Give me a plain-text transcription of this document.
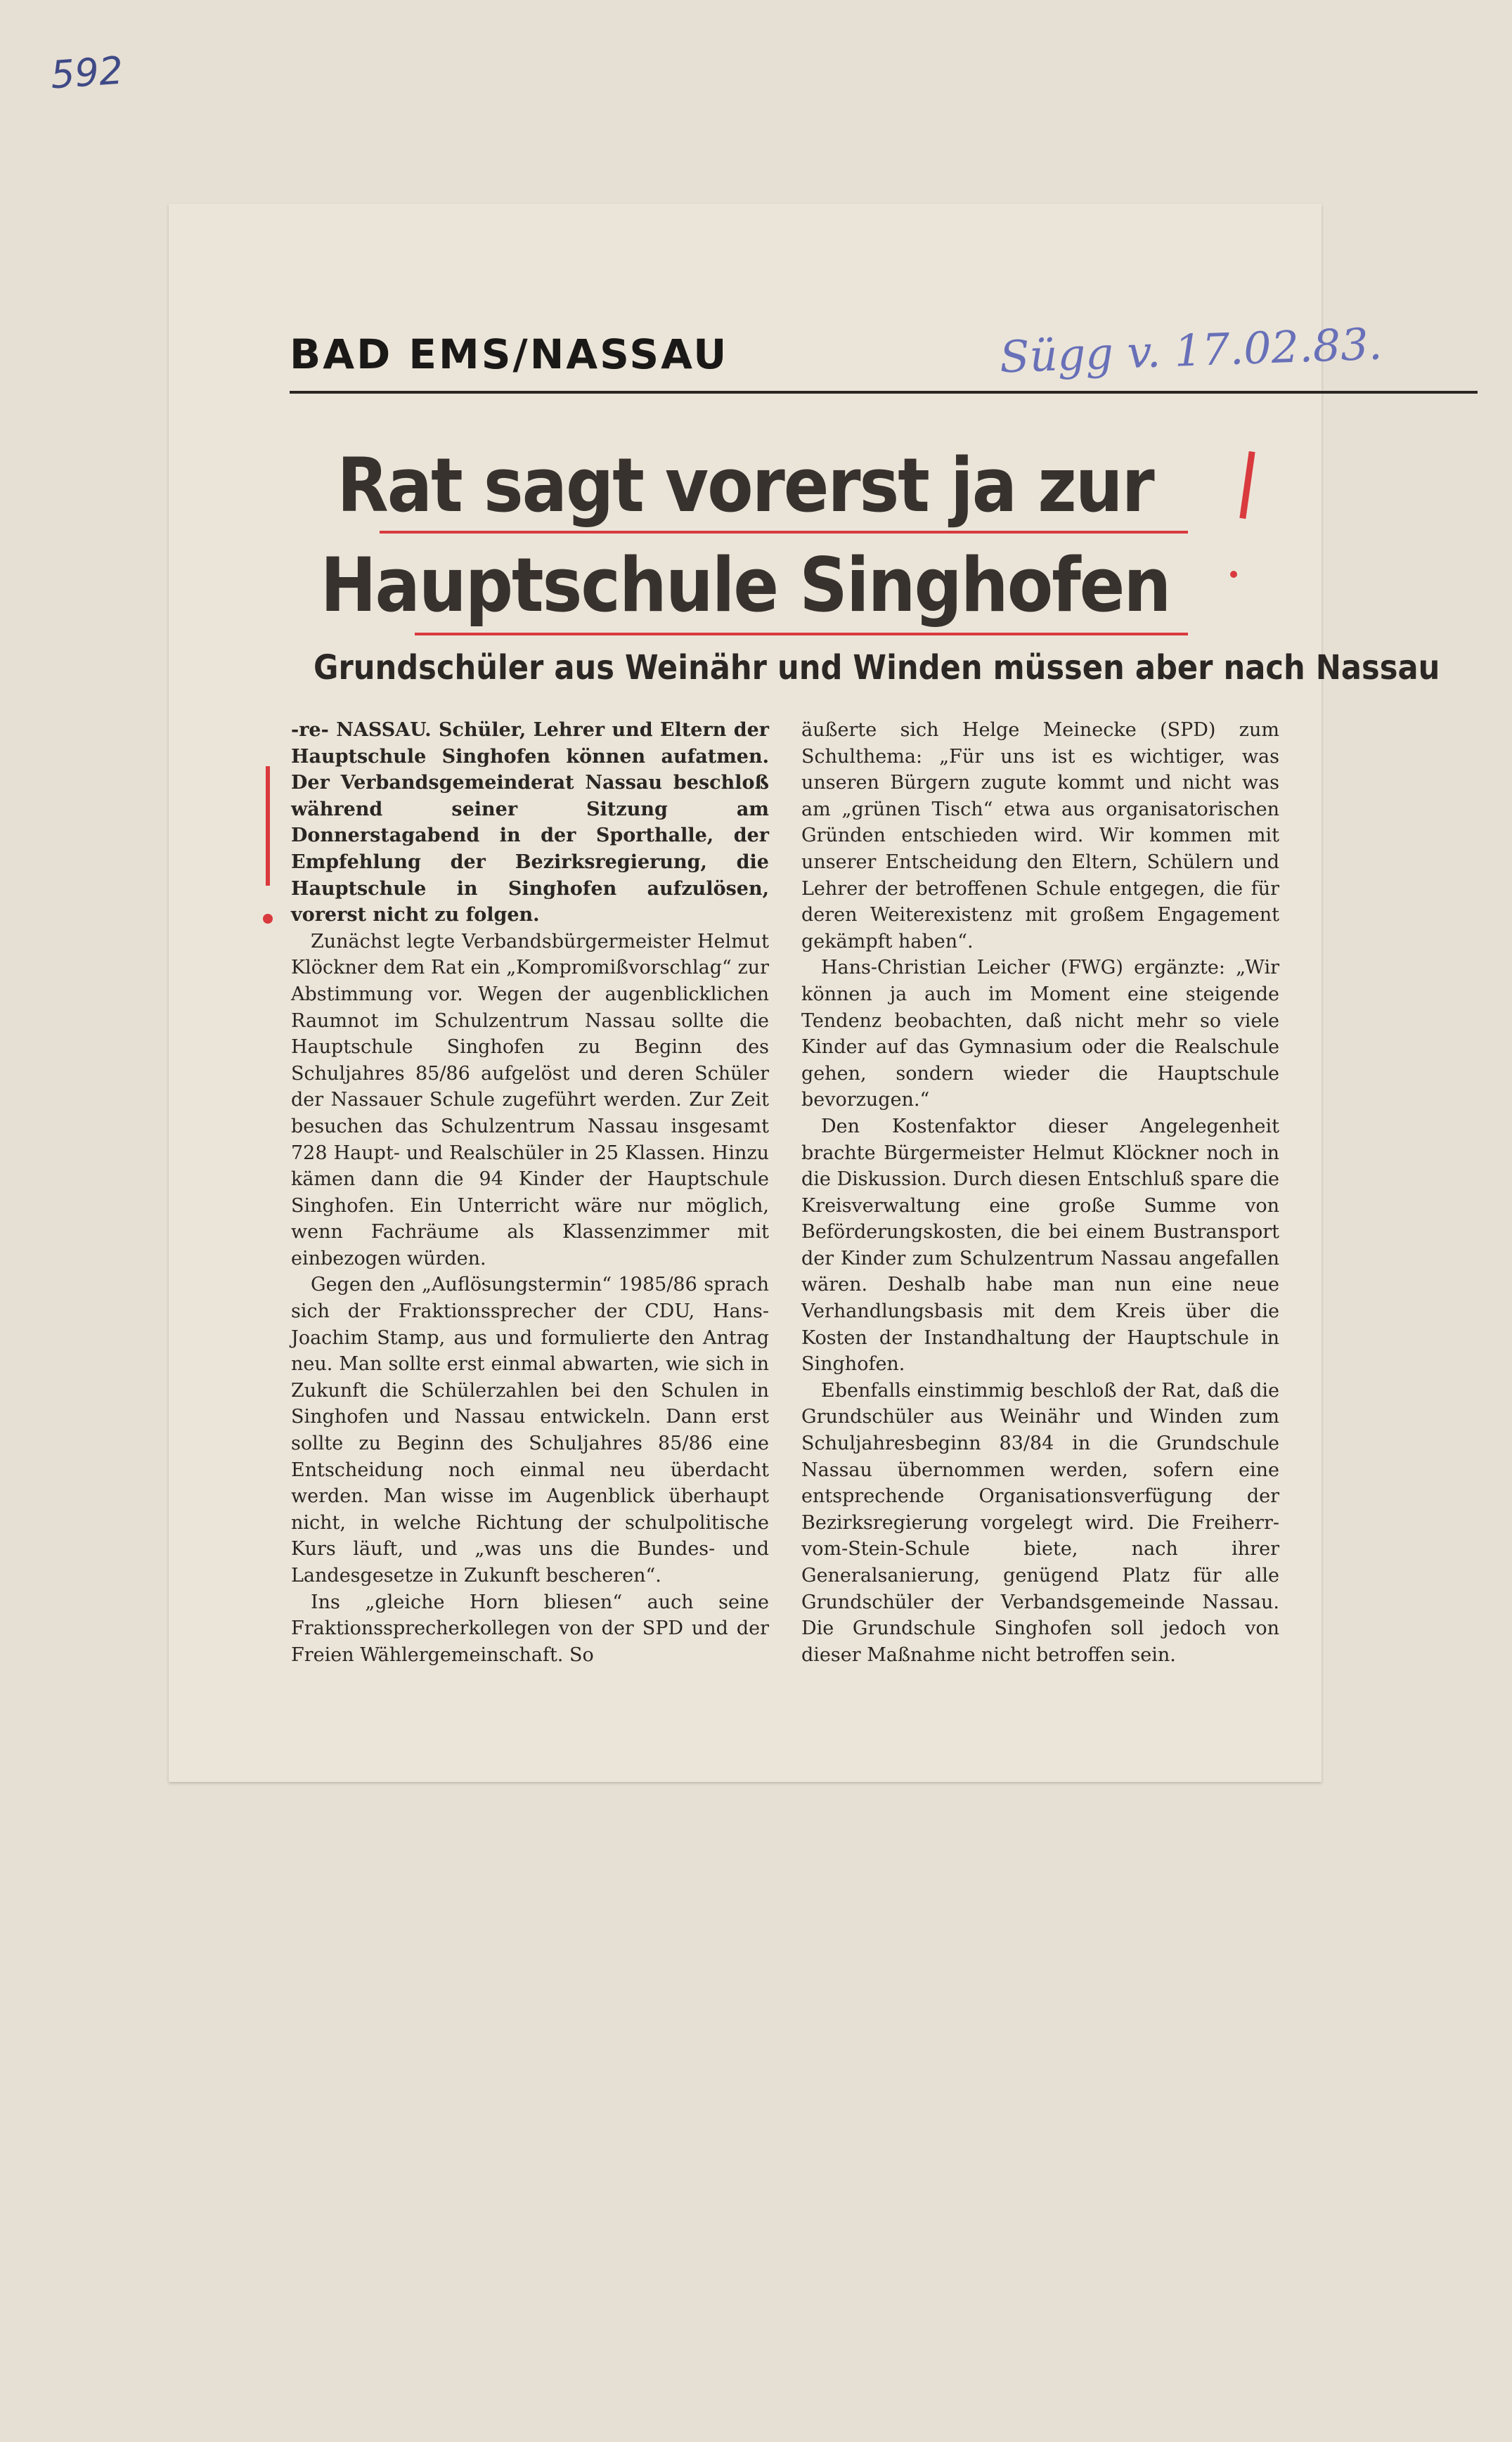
592
BAD EMS/NASSAU	Sügg v. 17.02.83.
Rat sagt vorerst ja zur
Hauptschule Singhofen
Grundschüler aus Weinähr und Winden müssen aber nach Nassau

-re- NASSAU. Schüler, Lehrer und Eltern der Hauptschule Singhofen können aufatmen. Der Verbandsgemeinderat Nassau beschloß während seiner Sitzung am Donnerstagabend in der Sporthalle, der Empfehlung der Bezirksregierung, die Hauptschule in Singhofen aufzulösen, vorerst nicht zu folgen.

Zunächst legte Verbandsbürgermeister Helmut Klöckner dem Rat ein „Kompromißvorschlag“ zur Abstimmung vor. Wegen der augenblicklichen Raumnot im Schulzentrum Nassau sollte die Hauptschule Singhofen zu Beginn des Schuljahres 85/86 aufgelöst und deren Schüler der Nassauer Schule zugeführt werden. Zur Zeit besuchen das Schulzentrum Nassau insgesamt 728 Haupt- und Realschüler in 25 Klassen. Hinzu kämen dann die 94 Kinder der Hauptschule Singhofen. Ein Unterricht wäre nur möglich, wenn Fachräume als Klassenzimmer mit einbezogen würden.

Gegen den „Auflösungstermin“ 1985/86 sprach sich der Fraktionssprecher der CDU, Hans-Joachim Stamp, aus und formulierte den Antrag neu. Man sollte erst einmal abwarten, wie sich in Zukunft die Schülerzahlen bei den Schulen in Singhofen und Nassau entwickeln. Dann erst sollte zu Beginn des Schuljahres 85/86 eine Entscheidung noch einmal neu überdacht werden. Man wisse im Augenblick überhaupt nicht, in welche Richtung der schulpolitische Kurs läuft, und „was uns die Bundes- und Landesgesetze in Zukunft bescheren“.

Ins „gleiche Horn bliesen“ auch seine Fraktionssprecherkollegen von der SPD und der Freien Wählergemeinschaft. So

äußerte sich Helge Meinecke (SPD) zum Schulthema: „Für uns ist es wichtiger, was unseren Bürgern zugute kommt und nicht was am „grünen Tisch“ etwa aus organisatorischen Gründen entschieden wird. Wir kommen mit unserer Entscheidung den Eltern, Schülern und Lehrer der betroffenen Schule entgegen, die für deren Weiterexistenz mit großem Engagement gekämpft haben“.

Hans-Christian Leicher (FWG) ergänzte: „Wir können ja auch im Moment eine steigende Tendenz beobachten, daß nicht mehr so viele Kinder auf das Gymnasium oder die Realschule gehen, sondern wieder die Hauptschule bevorzugen.“

Den Kostenfaktor dieser Angelegenheit brachte Bürgermeister Helmut Klöckner noch in die Diskussion. Durch diesen Entschluß spare die Kreisverwaltung eine große Summe von Beförderungskosten, die bei einem Bustransport der Kinder zum Schulzentrum Nassau angefallen wären. Deshalb habe man nun eine neue Verhandlungsbasis mit dem Kreis über die Kosten der Instandhaltung der Hauptschule in Singhofen.

Ebenfalls einstimmig beschloß der Rat, daß die Grundschüler aus Weinähr und Winden zum Schuljahresbeginn 83/84 in die Grundschule Nassau übernommen werden, sofern eine entsprechende Organisationsverfügung der Bezirksregierung vorgelegt wird. Die Freiherr-vom-Stein-Schule biete, nach ihrer Generalsanierung, genügend Platz für alle Grundschüler der Verbandsgemeinde Nassau. Die Grundschule Singhofen soll jedoch von dieser Maßnahme nicht betroffen sein.
